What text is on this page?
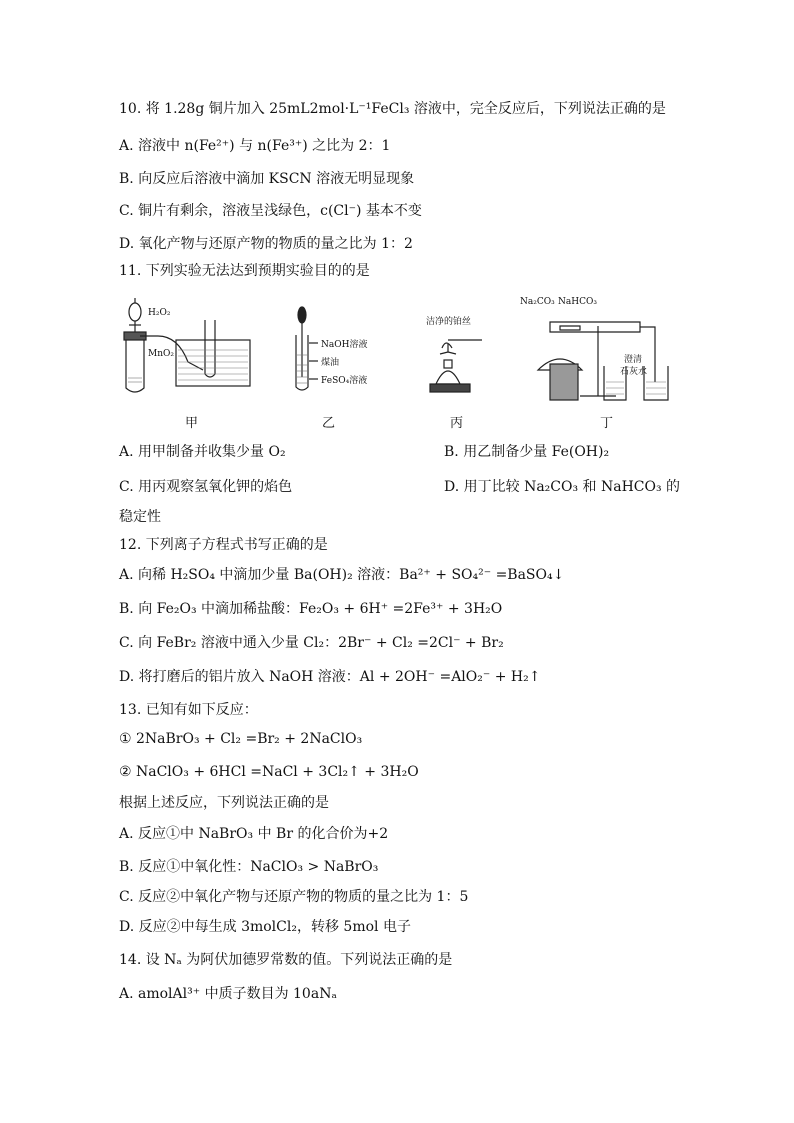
10. 将 1.28g 铜片加入 25mL2mol·L⁻¹FeCl₃ 溶液中，完全反应后，下列说法正确的是
A. 溶液中 n(Fe²⁺) 与 n(Fe³⁺) 之比为 2：1
B. 向反应后溶液中滴加 KSCN 溶液无明显现象
C. 铜片有剩余，溶液呈浅绿色，c(Cl⁻) 基本不变
D. 氧化产物与还原产物的物质的量之比为 1：2
11. 下列实验无法达到预期实验目的的是
H₂O₂
MnO₂
NaOH溶液
煤油
FeSO₄溶液
洁净的铂丝
Na₂CO₃ NaHCO₃
澄清
石灰水
甲	乙	丙	丁
A. 用甲制备并收集少量 O₂	B. 用乙制备少量 Fe(OH)₂
C. 用丙观察氢氧化钾的焰色	D. 用丁比较 Na₂CO₃ 和 NaHCO₃ 的
稳定性
12. 下列离子方程式书写正确的是
A. 向稀 H₂SO₄ 中滴加少量 Ba(OH)₂ 溶液：Ba²⁺ + SO₄²⁻ =BaSO₄↓
B. 向 Fe₂O₃ 中滴加稀盐酸：Fe₂O₃ + 6H⁺ =2Fe³⁺ + 3H₂O
C. 向 FeBr₂ 溶液中通入少量 Cl₂：2Br⁻ + Cl₂ =2Cl⁻ + Br₂
D. 将打磨后的铝片放入 NaOH 溶液：Al + 2OH⁻ =AlO₂⁻ + H₂↑
13. 已知有如下反应：
① 2NaBrO₃ + Cl₂ =Br₂ + 2NaClO₃
② NaClO₃ + 6HCl =NaCl + 3Cl₂↑ + 3H₂O
根据上述反应，下列说法正确的是
A. 反应①中 NaBrO₃ 中 Br 的化合价为+2
B. 反应①中氧化性：NaClO₃ > NaBrO₃
C. 反应②中氧化产物与还原产物的物质的量之比为 1：5
D. 反应②中每生成 3molCl₂，转移 5mol 电子
14. 设 Nₐ 为阿伏加德罗常数的值。下列说法正确的是
A. amolAl³⁺ 中质子数目为 10aNₐ
